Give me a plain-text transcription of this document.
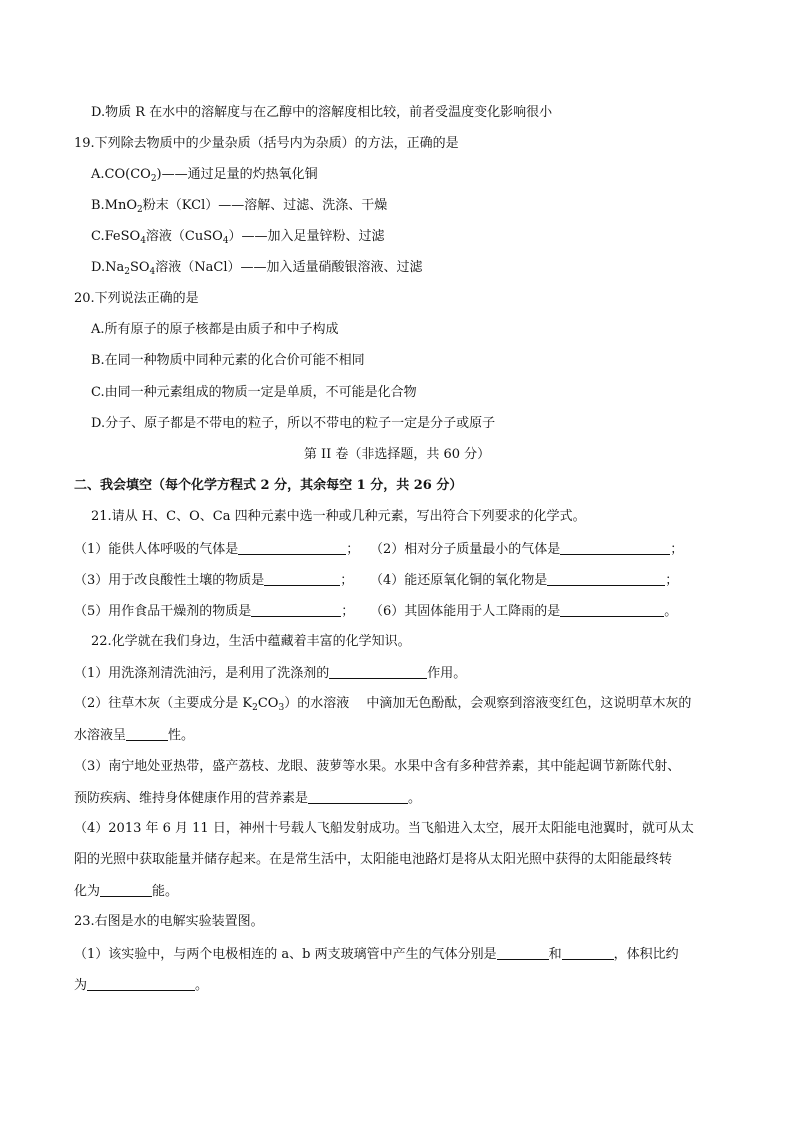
D.物质 R 在水中的溶解度与在乙醇中的溶解度相比较，前者受温度变化影响很小
19.下列除去物质中的少量杂质（括号内为杂质）的方法，正确的是
$A.CO(CO_2)——$通过足量的灼热氧化铜
B.MnO$_2$粉末（KCl）——溶解、过滤、洗涤、干燥
C.FeSO$_4$溶液（CuSO$_4$）——加入足量锌粉、过滤
$D.Na_2SO_4$溶液（NaCl）——加入适量硝酸银溶液、过滤
20.下列说法正确的是
A.所有原子的原子核都是由质子和中子构成
B.在同一种物质中同种元素的化合价可能不相同
C.由同一种元素组成的物质一定是单质，不可能是化合物
D.分子、原子都是不带电的粒子，所以不带电的粒子一定是分子或原子
第 II 卷（非选择题，共 60 分）
二、我会填空（每个化学方程式 2 分，其余每空 1 分，共 26 分）
21.请从 H、C、O、Ca 四种元素中选一种或几种元素，写出符合下列要求的化学式。
（1）能供人体呼吸的气体是	； （2）相对分子质量最小的气体是	；
（3）用于改良酸性土壤的物质是	； （4）能还原氧化铜的氧化物是	；
（5）用作食品干燥剂的物质是	； （6）其固体能用于人工降雨的是	。
22.化学就在我们身边，生活中蕴藏着丰富的化学知识。
（1）用洗涤剂清洗油污，是利用了洗涤剂的	作用。
（2）往草木灰（主要成分是 $K_2CO_3$）的水溶液　 中滴加无色酚酞，会观察到溶液变红色，这说明草木灰的
水溶液呈	性。
（3）南宁地处亚热带，盛产荔枝、龙眼、菠萝等水果。水果中含有多种营养素，其中能起调节新陈代射、
预防疾病、维持身体健康作用的营养素是	。
（4）2013 年 6 月 11 日，神州十号载人飞船发射成功。当飞船进入太空，展开太阳能电池翼时，就可从太
阳的光照中获取能量并储存起来。在是常生活中，太阳能电池路灯是将从太阳光照中获得的太阳能最终转
化为	能。
23.右图是水的电解实验装置图。
（1）该实验中，与两个电极相连的 a、b 两支玻璃管中产生的气体分别是	和	，体积比约
为	。
